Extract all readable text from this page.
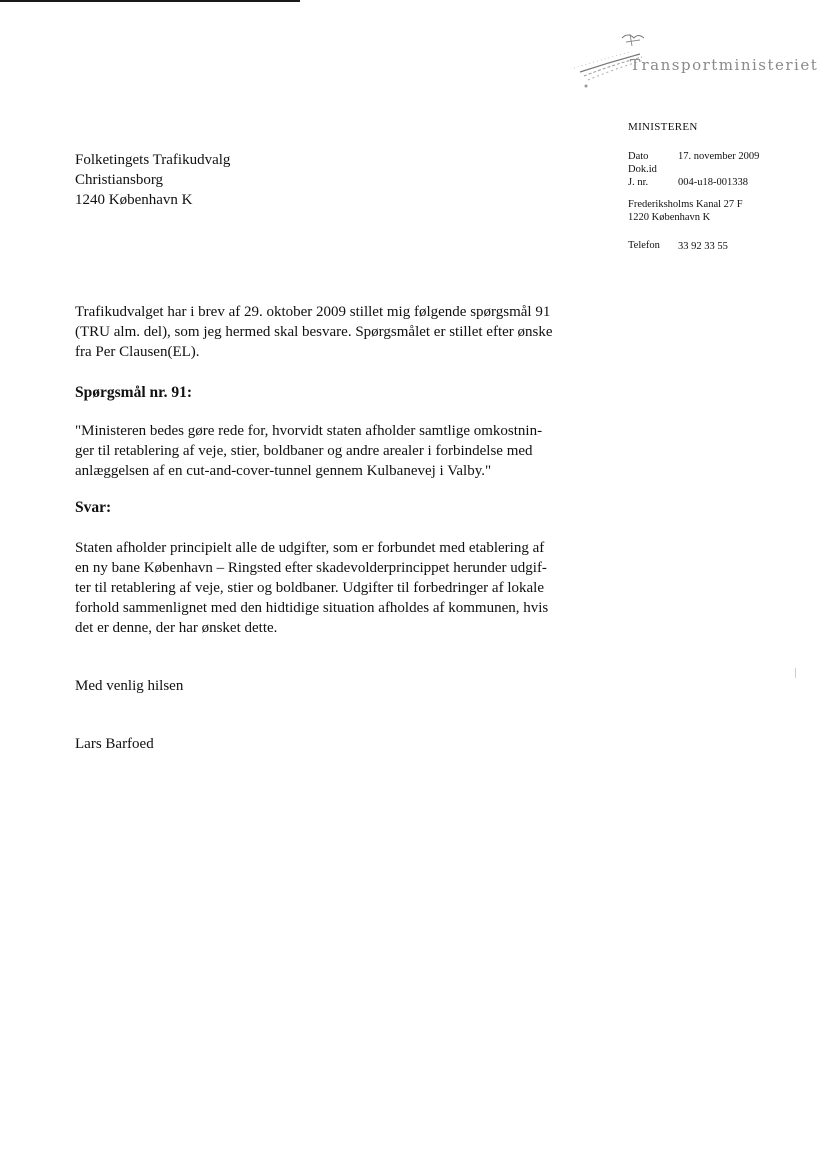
Transportministeriet
MINISTEREN
Dato	17. november 2009
Dok.id
J. nr.	004-u18-001338
Frederiksholms Kanal 27 F
1220 København K
Telefon 33 92 33 55
Folketingets Trafikudvalg
Christiansborg
1240 København K
Trafikudvalget har i brev af 29. oktober 2009 stillet mig følgende spørgsmål 91
(TRU alm. del), som jeg hermed skal besvare. Spørgsmålet er stillet efter ønske
fra Per Clausen(EL).
Spørgsmål nr. 91:
"Ministeren bedes gøre rede for, hvorvidt staten afholder samtlige omkostnin-
ger til retablering af veje, stier, boldbaner og andre arealer i forbindelse med
anlæggelsen af en cut-and-cover-tunnel gennem Kulbanevej i Valby."
Svar:
Staten afholder principielt alle de udgifter, som er forbundet med etablering af
en ny bane København – Ringsted efter skadevolderprincippet herunder udgif-
ter til retablering af veje, stier og boldbaner. Udgifter til forbedringer af lokale
forhold sammenlignet med den hidtidige situation afholdes af kommunen, hvis
det er denne, der har ønsket dette.
Med venlig hilsen
Lars Barfoed
